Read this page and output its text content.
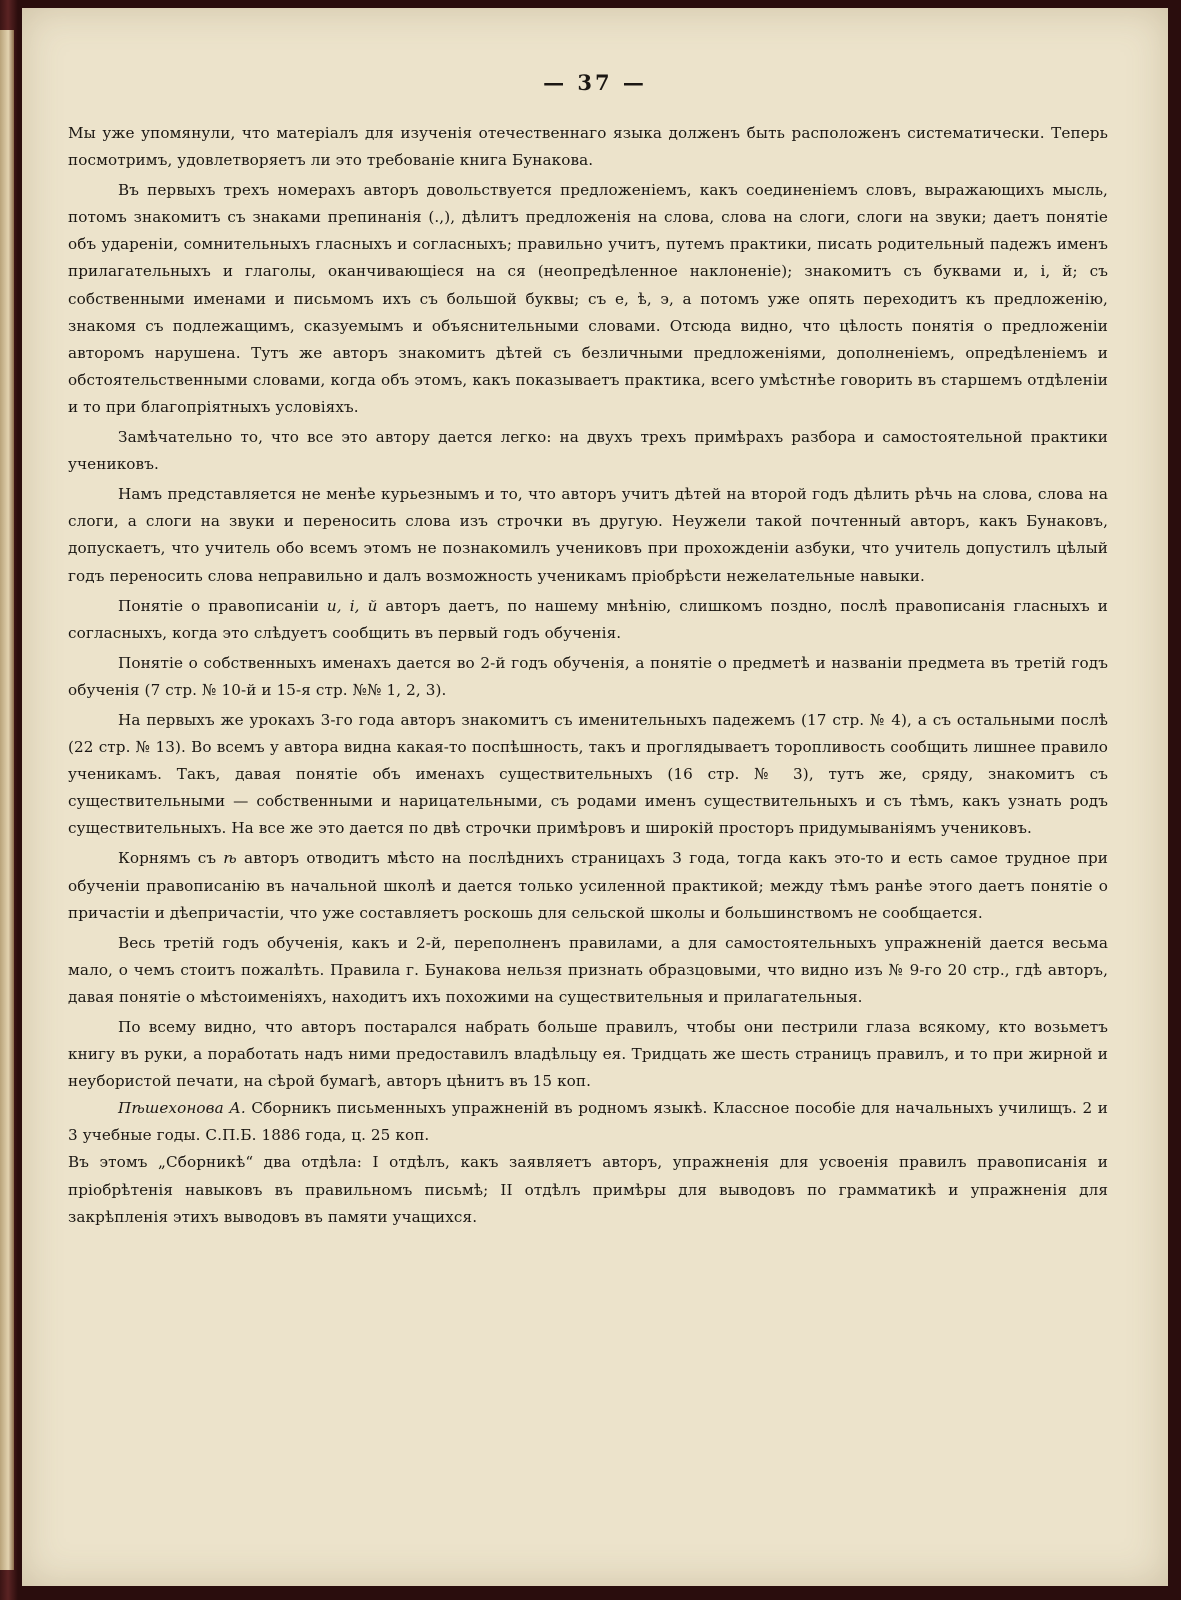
— 37 —

Мы уже упомянули, что матеріалъ для изученія отечественнаго языка долженъ быть расположенъ систематически. Теперь посмотримъ, удовлетворяетъ ли это требованіе книга Бунакова.

Въ первыхъ трехъ номерахъ авторъ довольствуется предложеніемъ, какъ соединеніемъ словъ, выражающихъ мысль, потомъ знакомитъ съ знаками препинанія (.,), дѣлитъ предложенія на слова, слова на слоги, слоги на звуки; даетъ понятіе объ удареніи, сомнительныхъ гласныхъ и согласныхъ; правильно учитъ, путемъ практики, писать родительный падежъ именъ прилагательныхъ и глаголы, оканчивающіеся на ся (неопредѣленное наклоненіе); знакомитъ съ буквами и, і, й; съ собственными именами и письмомъ ихъ съ большой буквы; съ е, ѣ, э, а потомъ уже опять переходитъ къ предложенію, знакомя съ подлежащимъ, сказуемымъ и объяснительными словами. Отсюда видно, что цѣлость понятія о предложеніи авторомъ нарушена. Тутъ же авторъ знакомитъ дѣтей съ безличными предложеніями, дополненіемъ, опредѣленіемъ и обстоятельственными словами, когда объ этомъ, какъ показываетъ практика, всего умѣстнѣе говорить въ старшемъ отдѣленіи и то при благопріятныхъ условіяхъ.

Замѣчательно то, что все это автору дается легко: на двухъ трехъ примѣрахъ разбора и самостоятельной практики учениковъ.

Намъ представляется не менѣе курьезнымъ и то, что авторъ учитъ дѣтей на второй годъ дѣлить рѣчь на слова, слова на слоги, а слоги на звуки и переносить слова изъ строчки въ другую. Неужели такой почтенный авторъ, какъ Бунаковъ, допускаетъ, что учитель обо всемъ этомъ не познакомилъ учениковъ при прохожденіи азбуки, что учитель допустилъ цѣлый годъ переносить слова неправильно и далъ возможность ученикамъ пріобрѣсти нежелательные навыки.

Понятіе о правописаніи и, і, й авторъ даетъ, по нашему мнѣнію, слишкомъ поздно, послѣ правописанія гласныхъ и согласныхъ, когда это слѣдуетъ сообщить въ первый годъ обученія.

Понятіе о собственныхъ именахъ дается во 2-й годъ обученія, а понятіе о предметѣ и названіи предмета въ третій годъ обученія (7 стр. № 10-й и 15-я стр. №№ 1, 2, 3).

На первыхъ же урокахъ 3-го года авторъ знакомитъ съ именительныхъ падежемъ (17 стр. № 4), а съ остальными послѣ (22 стр. № 13). Во всемъ у автора видна какая-то поспѣшность, такъ и проглядываетъ торопливость сообщить лишнее правило ученикамъ. Такъ, давая понятіе объ именахъ существительныхъ (16 стр. № 3), тутъ же, сряду, знакомитъ съ существительными — собственными и нарицательными, съ родами именъ существительныхъ и съ тѣмъ, какъ узнать родъ существительныхъ. На все же это дается по двѣ строчки примѣровъ и широкій просторъ придумываніямъ учениковъ.

Корнямъ съ ѣ авторъ отводитъ мѣсто на послѣднихъ страницахъ 3 года, тогда какъ это-то и есть самое трудное при обученіи правописанію въ начальной школѣ и дается только усиленной практикой; между тѣмъ ранѣе этого даетъ понятіе о причастіи и дѣепричастіи, что уже составляетъ роскошь для сельской школы и большинствомъ не сообщается.

Весь третій годъ обученія, какъ и 2-й, переполненъ правилами, а для самостоятельныхъ упражненій дается весьма мало, о чемъ стоитъ пожалѣть. Правила г. Бунакова нельзя признать образцовыми, что видно изъ № 9-го 20 стр., гдѣ авторъ, давая понятіе о мѣстоименіяхъ, находитъ ихъ похожими на существительныя и прилагательныя.

По всему видно, что авторъ постарался набрать больше правилъ, чтобы они пестрили глаза всякому, кто возьметъ книгу въ руки, а поработать надъ ними предоставилъ владѣльцу ея. Тридцать же шесть страницъ правилъ, и то при жирной и неубористой печати, на сѣрой бумагѣ, авторъ цѣнитъ въ 15 коп.

Пѣшехонова А. Сборникъ письменныхъ упражненій въ родномъ языкѣ. Классное пособіе для начальныхъ училищъ. 2 и 3 учебные годы. С.П.Б. 1886 года, ц. 25 коп.

Въ этомъ „Сборникѣ“ два отдѣла: I отдѣлъ, какъ заявляетъ авторъ, упражненія для усвоенія правилъ правописанія и пріобрѣтенія навыковъ въ правильномъ письмѣ; II отдѣлъ примѣры для выводовъ по грамматикѣ и упражненія для закрѣпленія этихъ выводовъ въ памяти учащихся.
